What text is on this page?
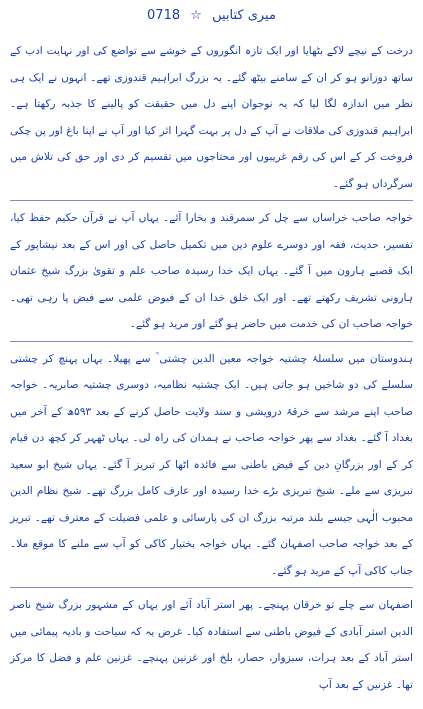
میری کتابیں ☆ 0718

درخت کے نیچے لاکے بٹھایا اور ایک تازہ انگوروں کے خوشے سے تواضع کی اور نہایت ادب کے ساتھ دوزانو ہو کر ان کے سامنے بیٹھ گئے۔ یہ بزرگ ابراہیم قندوزی تھے۔ انہوں نے ایک ہی نظر میں اندازہ لگا لیا کہ یہ نوجوان اپنے دل میں حقیقت کو پالینے کا جذبہ رکھتا ہے۔ ابراہیم قندوزی کی ملاقات نے آپ کے دل پر بہت گہرا اثر کیا اور آپ نے اپنا باغ اور پن چکی فروخت کر کے اس کی رقم غریبوں اور محتاجوں میں تقسیم کر دی اور حق کی تلاش میں سرگرداں ہو گئے۔

خواجہ صاحب خراساں سے چل کر سمرقند و بخارا آئے۔ یہاں آپ نے قرآن حکیم حفظ کیا، تفسیر، حدیث، فقہ اور دوسرے علوم دین میں تکمیل حاصل کی اور اس کے بعد نیشاپور کے ایک قصبے ہارون میں آ گئے۔ یہاں ایک خدا رسیدہ صاحب علم و تقویٰ بزرگ شیخ عثمان ہارونی تشریف رکھتے تھے۔ اور ایک خلق خدا ان کے فیوض علمی سے فیض پا رہی تھی۔ خواجہ صاحب ان کی خدمت میں حاضر ہو گئے اور مرید ہو گئے۔

ہندوستان میں سلسلۂ چشتیہ خواجہ معین الدین چشتی ؒ سے پھیلا۔ یہاں پہنچ کر چشتی سلسلے کی دو شاخیں ہو جاتی ہیں۔ ایک چشتیہ نظامیہ، دوسری چشتیہ صابریہ۔ خواجہ صاحب اپنے مرشد سے خرقۂ درویشی و سند ولایت حاصل کرنے کے بعد ۵۹۳ھ کے آخر میں بغداد آ گئے۔ بغداد سے پھر خواجہ صاحب نے ہمدان کی راہ لی۔ یہاں ٹھہر کر کچھ دن قیام کر کے اور بزرگانِ دین کے فیض باطنی سے فائدہ اٹھا کر تبریز آ گئے۔ یہاں شیخ ابو سعید تبریزی سے ملے۔ شیخ تبریزی بڑے خدا رسیدہ اور عارف کامل بزرگ تھے۔ شیخ نظام الدین محبوب الٰہی جیسے بلند مرتبہ بزرگ ان کی پارسائی و علمی فضیلت کے معترف تھے۔ تبریز کے بعد خواجہ صاحب اصفہان گئے۔ یہاں خواجہ بختیار کاکی کو آپ سے ملنے کا موقع ملا۔ جناب کاکی آپ کے مرید ہو گئے۔

اصفہان سے چلے تو خرقان پہنچے۔ پھر استر آباد آئے اور یہاں کے مشہور بزرگ شیخ ناصر الدین استر آبادی کے فیوض باطنی سے استفادہ کیا۔ غرض یہ کہ سیاحت و بادیہ پیمائی میں استر آباد کے بعد ہرات، سبزوار، حصار، بلخ اور غزنین پہنچے۔ غزنین علم و فضل کا مرکز تھا۔ غزنین کے بعد آپ
